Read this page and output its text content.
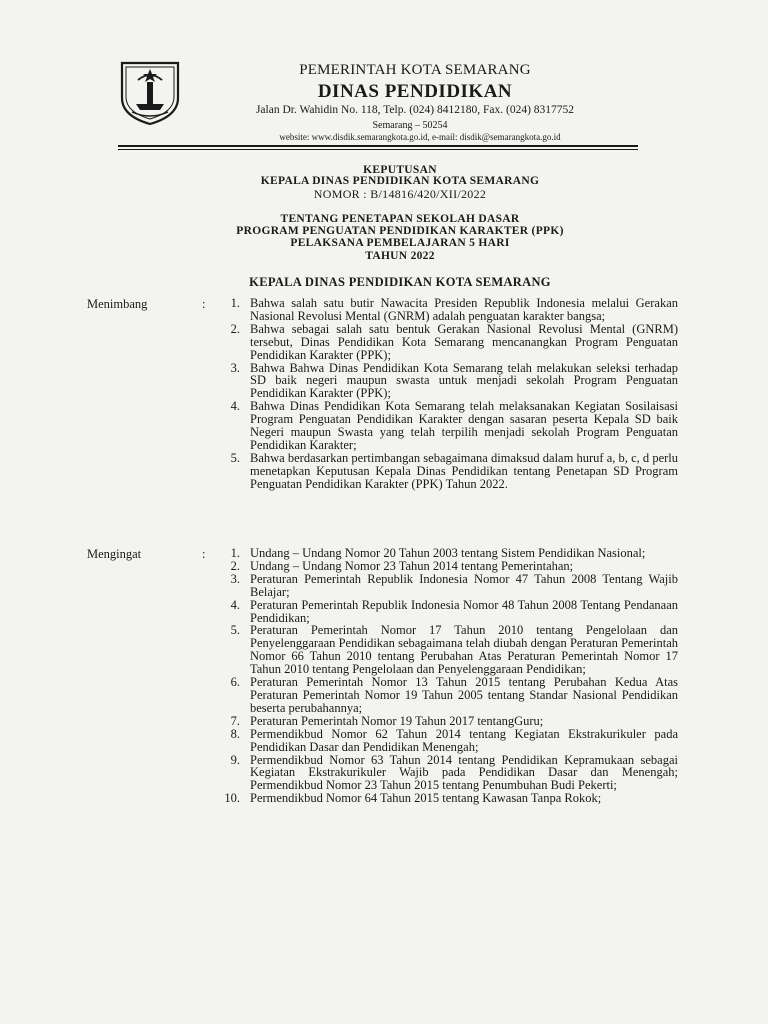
PEMERINTAH KOTA SEMARANG
DINAS PENDIDIKAN
Jalan Dr. Wahidin No. 118, Telp. (024) 8412180, Fax. (024) 8317752
Semarang – 50254
website: www.disdik.semarangkota.go.id, e-mail: disdik@semarangkota.go.id
KEPUTUSAN
KEPALA DINAS PENDIDIKAN KOTA SEMARANG
NOMOR : B/14816/420/XII/2022
TENTANG PENETAPAN SEKOLAH DASAR
PROGRAM PENGUATAN PENDIDIKAN KARAKTER (PPK)
PELAKSANA PEMBELAJARAN 5 HARI
TAHUN 2022
KEPALA DINAS PENDIDIKAN KOTA SEMARANG
Menimbang	:	1. Bahwa salah satu butir Nawacita Presiden Republik Indonesia melalui Gerakan Nasional Revolusi Mental (GNRM) adalah penguatan karakter bangsa;
2. Bahwa sebagai salah satu bentuk Gerakan Nasional Revolusi Mental (GNRM) tersebut, Dinas Pendidikan Kota Semarang mencanangkan Program Penguatan Pendidikan Karakter (PPK);
3. Bahwa Bahwa Dinas Pendidikan Kota Semarang telah melakukan seleksi terhadap SD baik negeri maupun swasta untuk menjadi sekolah Program Penguatan Pendidikan Karakter (PPK);
4. Bahwa Dinas Pendidikan Kota Semarang telah melaksanakan Kegiatan Sosilaisasi Program Penguatan Pendidikan Karakter dengan sasaran peserta Kepala SD baik Negeri maupun Swasta yang telah terpilih menjadi sekolah Program Penguatan Pendidikan Karakter;
5. Bahwa berdasarkan pertimbangan sebagaimana dimaksud dalam huruf a, b, c, d perlu menetapkan Keputusan Kepala Dinas Pendidikan tentang Penetapan SD Program Penguatan Pendidikan Karakter (PPK) Tahun 2022.
Mengingat	:	1. Undang – Undang Nomor 20 Tahun 2003 tentang Sistem Pendidikan Nasional;
2. Undang – Undang Nomor 23 Tahun 2014 tentang Pemerintahan;
3. Peraturan Pemerintah Republik Indonesia Nomor 47 Tahun 2008 Tentang Wajib Belajar;
4. Peraturan Pemerintah Republik Indonesia Nomor 48 Tahun 2008 Tentang Pendanaan Pendidikan;
5. Peraturan Pemerintah Nomor 17 Tahun 2010 tentang Pengelolaan dan Penyelenggaraan Pendidikan sebagaimana telah diubah dengan Peraturan Pemerintah Nomor 66 Tahun 2010 tentang Perubahan Atas Peraturan Pemerintah Nomor 17 Tahun 2010 tentang Pengelolaan dan Penyelenggaraan Pendidikan;
6. Peraturan Pemerintah Nomor 13 Tahun 2015 tentang Perubahan Kedua Atas Peraturan Pemerintah Nomor 19 Tahun 2005 tentang Standar Nasional Pendidikan beserta perubahannya;
7. Peraturan Pemerintah Nomor 19 Tahun 2017 tentangGuru;
8. Permendikbud Nomor 62 Tahun 2014 tentang Kegiatan Ekstrakurikuler pada Pendidikan Dasar dan Pendidikan Menengah;
9. Permendikbud Nomor 63 Tahun 2014 tentang Pendidikan Kepramukaan sebagai Kegiatan Ekstrakurikuler Wajib pada Pendidikan Dasar dan Menengah; Permendikbud Nomor 23 Tahun 2015 tentang Penumbuhan Budi Pekerti;
10. Permendikbud Nomor 64 Tahun 2015 tentang Kawasan Tanpa Rokok;
